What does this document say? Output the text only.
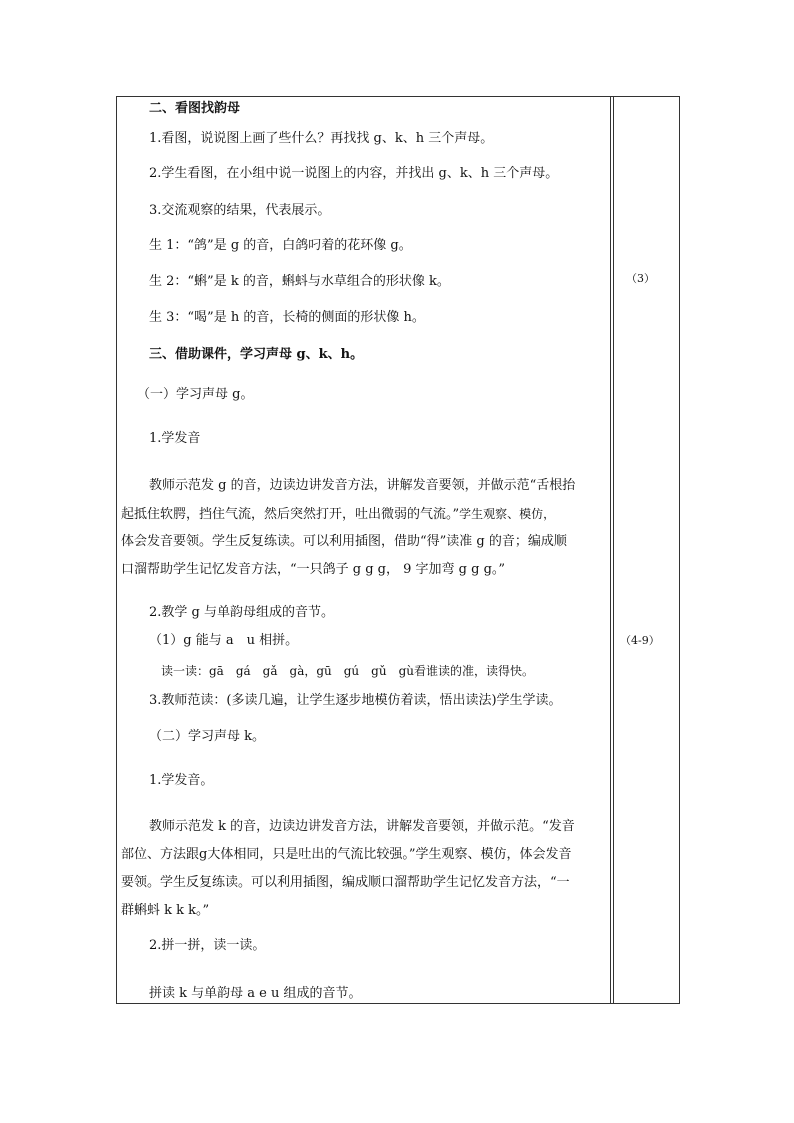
二、看图找韵母
1.看图，说说图上画了些什么？再找找 g、k、h 三个声母。
2.学生看图，在小组中说一说图上的内容，并找出 g、k、h 三个声母。
3.交流观察的结果，代表展示。
生 1：“鸽”是 g 的音，白鸽叼着的花环像 g。
生 2：“蝌”是 k 的音，蝌蚪与水草组合的形状像 k。
生 3：“喝”是 h 的音，长椅的侧面的形状像 h。
三、借助课件，学习声母 g、k、h。
（一）学习声母 g。
1.学发音
教师示范发 g 的音，边读边讲发音方法，讲解发音要领，并做示范“舌根抬
起抵住软腭，挡住气流，然后突然打开，吐出微弱的气流。”学生观察、模仿，
体会发音要领。学生反复练读。可以利用插图，借助“得”读准 g 的音；编成顺
口溜帮助学生记忆发音方法，“一只鸽子 g g g， 9 字加弯 g g g。”
2.教学 g 与单韵母组成的音节。
（1）g 能与 a　u 相拼。
读一读：gā　gá　gǎ　gà，gū　gú　gǔ　gù看谁读的准，读得快。
3.教师范读：(多读几遍，让学生逐步地模仿着读，悟出读法)学生学读。
（二）学习声母 k。
1.学发音。
教师示范发 k 的音，边读边讲发音方法，讲解发音要领，并做示范。“发音
部位、方法跟g大体相同，只是吐出的气流比较强。”学生观察、模仿，体会发音
要领。学生反复练读。可以利用插图，编成顺口溜帮助学生记忆发音方法，“一
群蝌蚪 k k k。”
2.拼一拼，读一读。
拼读 k 与单韵母 a e u 组成的音节。
（3）
（4-9）
